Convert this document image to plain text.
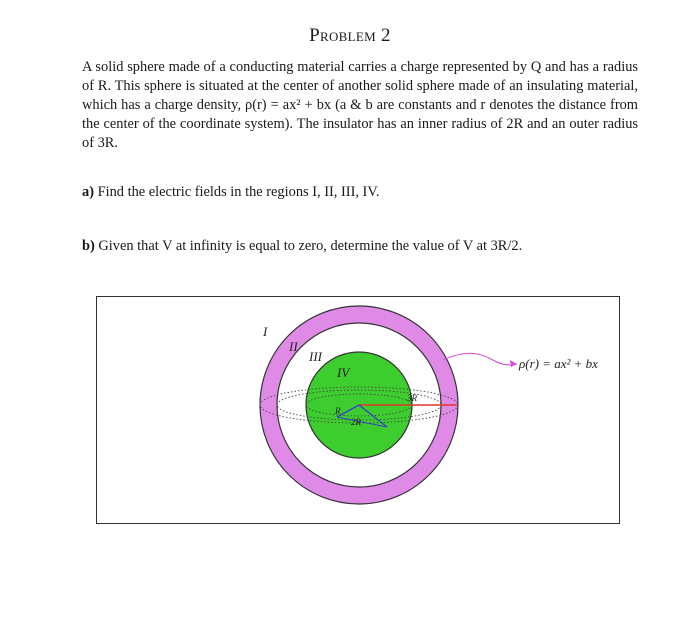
Problem 2
A solid sphere made of a conducting material carries a charge represented by Q and has a radius of R. This sphere is situated at the center of another solid sphere made of an insulating material, which has a charge density, ρ(r) = ax² + bx (a & b are constants and r denotes the distance from the center of the coordinate system). The insulator has an inner radius of 2R and an outer radius of 3R.
a) Find the electric fields in the regions I, II, III, IV.
b) Given that V at infinity is equal to zero, determine the value of V at 3R/2.
I
II
III
IV
R
2R
3R
ρ(r) = ax² + bx
